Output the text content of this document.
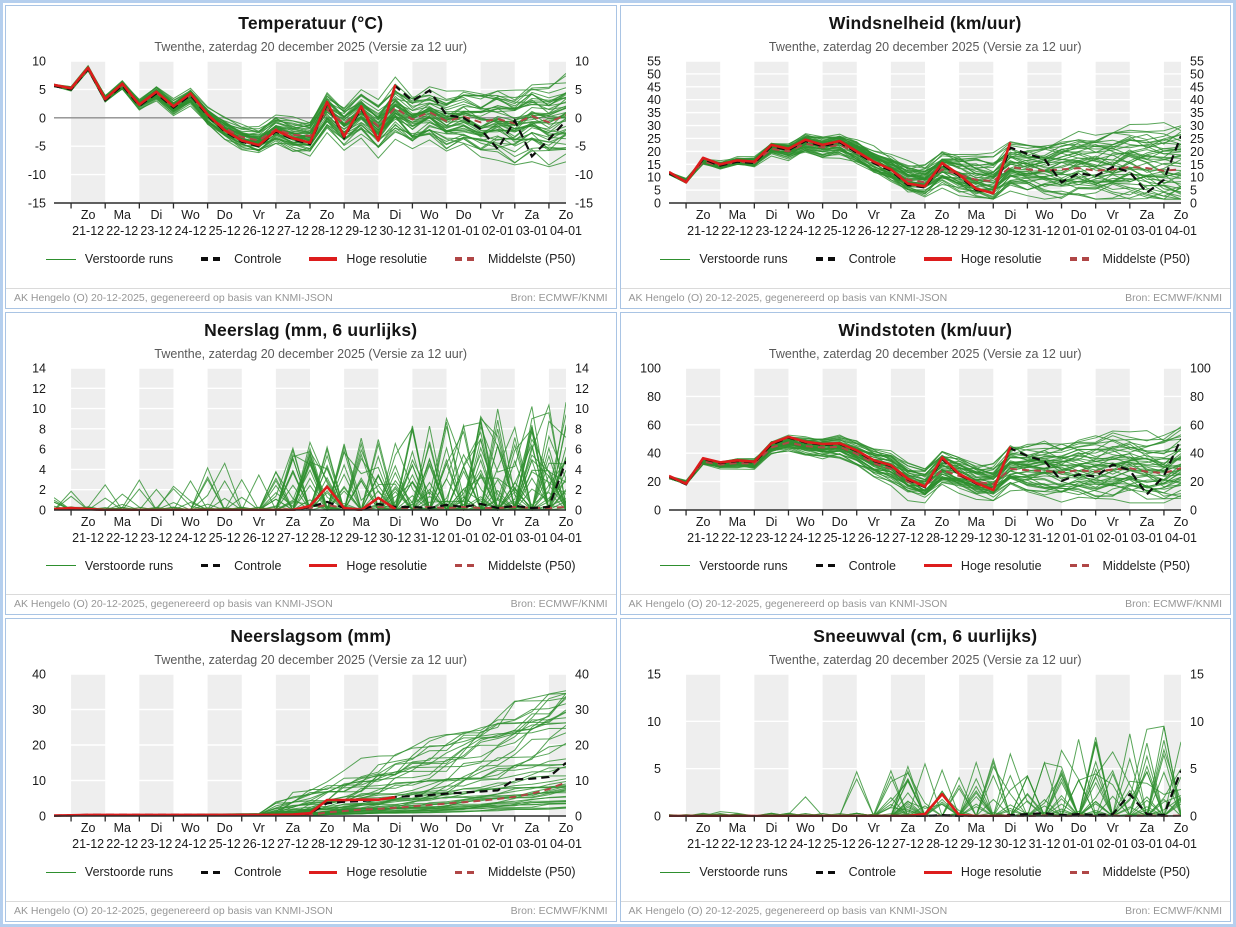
Temperatuur (°C)
Twenthe, zaterdag 20 december 2025 (Versie za 12 uur)
Zo
21-12
Ma
22-12
Di
23-12
Wo
24-12
Do
25-12
Vr
26-12
Za
27-12
Zo
28-12
Ma
29-12
Di
30-12
Wo
31-12
Do
01-01
Vr
02-01
Za
03-01
Zo
04-01
-15	-15
-10	-10
-5	-5
0	0
5	5
10	10
Verstoorde runs	Controle	Hoge resolutie	Middelste (P50)
AK Hengelo (O) 20-12-2025, gegenereerd op basis van KNMI-JSON	Bron: ECMWF/KNMI
Windsnelheid (km/uur)
Twenthe, zaterdag 20 december 2025 (Versie za 12 uur)
Zo
21-12
Ma
22-12
Di
23-12
Wo
24-12
Do
25-12
Vr
26-12
Za
27-12
Zo
28-12
Ma
29-12
Di
30-12
Wo
31-12
Do
01-01
Vr
02-01
Za
03-01
Zo
04-01
0	0
5	5
10	10
15	15
20	20
25	25
30	30
35	35
40	40
45	45
50	50
55	55
Verstoorde runs	Controle	Hoge resolutie	Middelste (P50)
AK Hengelo (O) 20-12-2025, gegenereerd op basis van KNMI-JSON	Bron: ECMWF/KNMI
Neerslag (mm, 6 uurlijks)
Twenthe, zaterdag 20 december 2025 (Versie za 12 uur)
Zo
21-12
Ma
22-12
Di
23-12
Wo
24-12
Do
25-12
Vr
26-12
Za
27-12
Zo
28-12
Ma
29-12
Di
30-12
Wo
31-12
Do
01-01
Vr
02-01
Za
03-01
Zo
04-01
0	0
2	2
4	4
6	6
8	8
10	10
12	12
14	14
Verstoorde runs	Controle	Hoge resolutie	Middelste (P50)
AK Hengelo (O) 20-12-2025, gegenereerd op basis van KNMI-JSON	Bron: ECMWF/KNMI
Windstoten (km/uur)
Twenthe, zaterdag 20 december 2025 (Versie za 12 uur)
Zo
21-12
Ma
22-12
Di
23-12
Wo
24-12
Do
25-12
Vr
26-12
Za
27-12
Zo
28-12
Ma
29-12
Di
30-12
Wo
31-12
Do
01-01
Vr
02-01
Za
03-01
Zo
04-01
0	0
20	20
40	40
60	60
80	80
100	100
Verstoorde runs	Controle	Hoge resolutie	Middelste (P50)
AK Hengelo (O) 20-12-2025, gegenereerd op basis van KNMI-JSON	Bron: ECMWF/KNMI
Neerslagsom (mm)
Twenthe, zaterdag 20 december 2025 (Versie za 12 uur)
Zo
21-12
Ma
22-12
Di
23-12
Wo
24-12
Do
25-12
Vr
26-12
Za
27-12
Zo
28-12
Ma
29-12
Di
30-12
Wo
31-12
Do
01-01
Vr
02-01
Za
03-01
Zo
04-01
0	0
10	10
20	20
30	30
40	40
Verstoorde runs	Controle	Hoge resolutie	Middelste (P50)
AK Hengelo (O) 20-12-2025, gegenereerd op basis van KNMI-JSON	Bron: ECMWF/KNMI
Sneeuwval (cm, 6 uurlijks)
Twenthe, zaterdag 20 december 2025 (Versie za 12 uur)
Zo
21-12
Ma
22-12
Di
23-12
Wo
24-12
Do
25-12
Vr
26-12
Za
27-12
Zo
28-12
Ma
29-12
Di
30-12
Wo
31-12
Do
01-01
Vr
02-01
Za
03-01
Zo
04-01
0	0
5	5
10	10
15	15
Verstoorde runs	Controle	Hoge resolutie	Middelste (P50)
AK Hengelo (O) 20-12-2025, gegenereerd op basis van KNMI-JSON	Bron: ECMWF/KNMI
